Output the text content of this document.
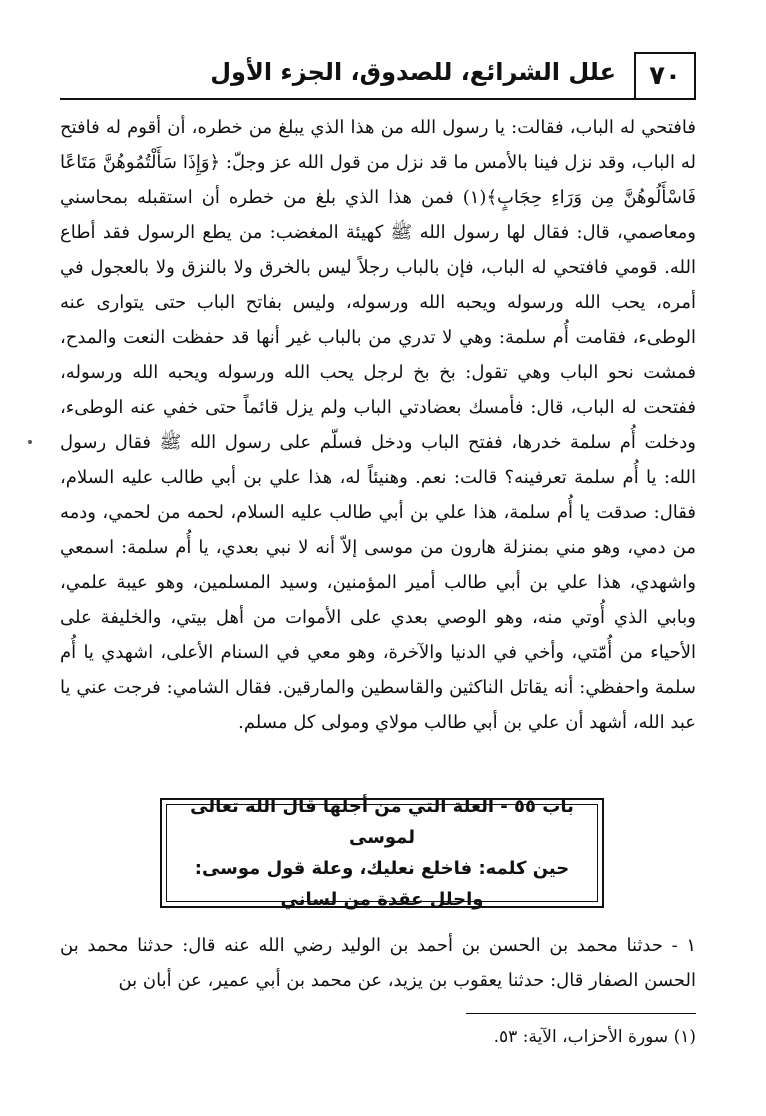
٧٠
علل الشرائع، للصدوق، الجزء الأول

فافتحي له الباب، فقالت: يا رسول الله من هذا الذي يبلغ من خطره، أن أقوم له فافتح له الباب، وقد نزل فينا بالأمس ما قد نزل من قول الله عز وجلّ: ﴿وَإِذَا سَأَلْتُمُوهُنَّ مَتَاعًا فَاسْأَلُوهُنَّ مِن وَرَاءِ حِجَابٍ﴾(١) فمن هذا الذي بلغ من خطره أن استقبله بمحاسني ومعاصمي، قال: فقال لها رسول الله ﷺ كهيئة المغضب: من يطع الرسول فقد أطاع الله. قومي فافتحي له الباب، فإن بالباب رجلاً ليس بالخرق ولا بالنزق ولا بالعجول في أمره، يحب الله ورسوله ويحبه الله ورسوله، وليس بفاتح الباب حتى يتوارى عنه الوطىء، فقامت أُم سلمة: وهي لا تدري من بالباب غير أنها قد حفظت النعت والمدح، فمشت نحو الباب وهي تقول: بخ بخ لرجل يحب الله ورسوله ويحبه الله ورسوله، ففتحت له الباب، قال: فأمسك بعضادتي الباب ولم يزل قائماً حتى خفي عنه الوطىء، ودخلت أُم سلمة خدرها، ففتح الباب ودخل فسلّم على رسول الله ﷺ فقال رسول الله: يا أُم سلمة تعرفينه؟ قالت: نعم. وهنيئاً له، هذا علي بن أبي طالب عليه السلام، فقال: صدقت يا أُم سلمة، هذا علي بن أبي طالب عليه السلام، لحمه من لحمي، ودمه من دمي، وهو مني بمنزلة هارون من موسى إلاّ أنه لا نبي بعدي، يا أُم سلمة: اسمعي واشهدي، هذا علي بن أبي طالب أمير المؤمنين، وسيد المسلمين، وهو عيبة علمي، وبابي الذي أُوتي منه، وهو الوصي بعدي على الأموات من أهل بيتي، والخليفة على الأحياء من أُمّتي، وأخي في الدنيا والآخرة، وهو معي في السنام الأعلى، اشهدي يا أُم سلمة واحفظي: أنه يقاتل الناكثين والقاسطين والمارقين. فقال الشامي: فرجت عني يا عبد الله، أشهد أن علي بن أبي طالب مولاي ومولى كل مسلم.

باب ٥٥ - العلة التي من أجلها قال الله تعالى لموسى
حين كلمه: فاخلع نعليك، وعلة قول موسى:
واحلل عقدة من لساني

١ - حدثنا محمد بن الحسن بن أحمد بن الوليد رضي الله عنه قال: حدثنا محمد بن الحسن الصفار قال: حدثنا يعقوب بن يزيد، عن محمد بن أبي عمير، عن أبان بن

(١) سورة الأحزاب، الآية: ٥٣.
